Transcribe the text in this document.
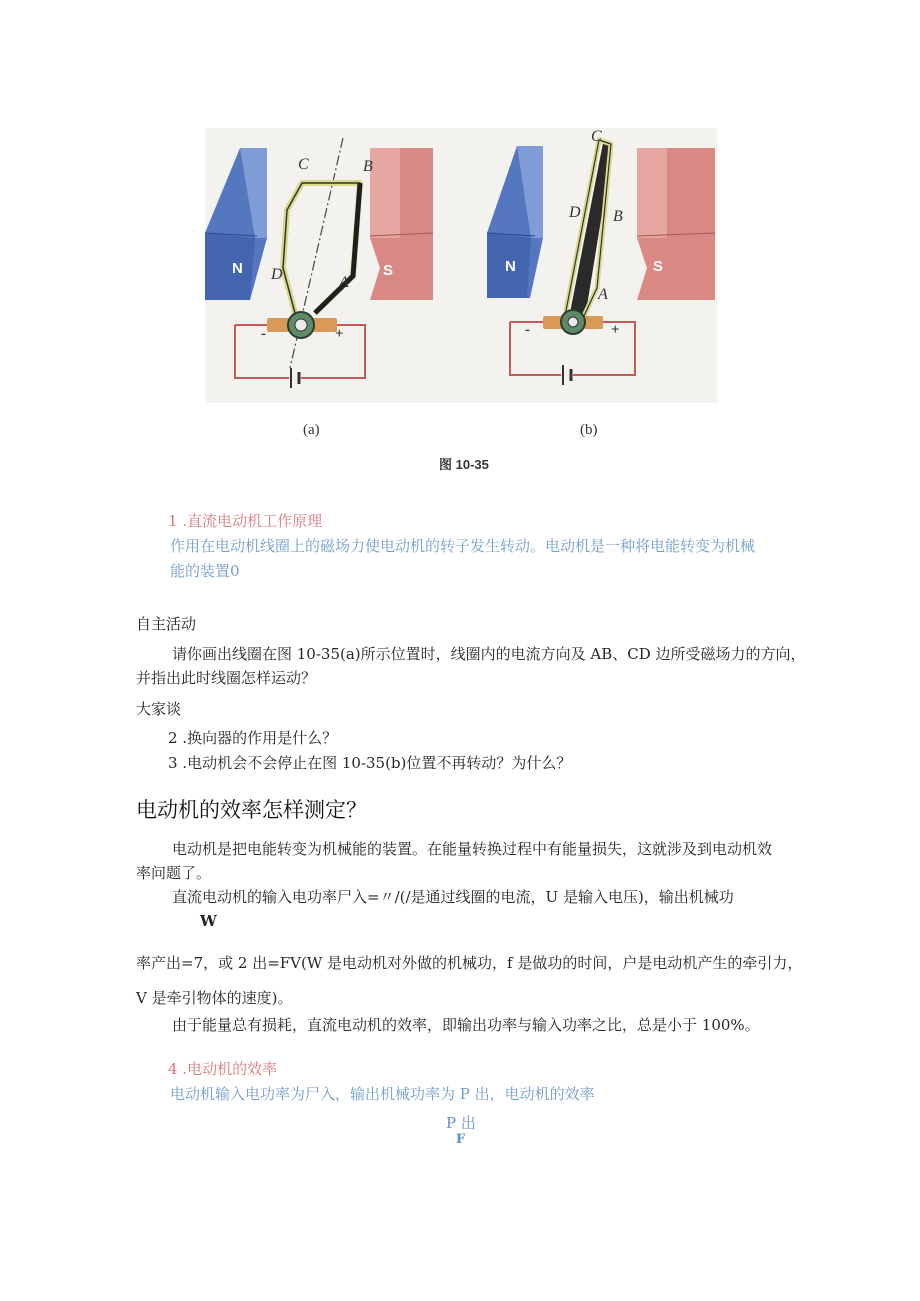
C	B
D	A
N	S
-	+
C
D B
A
N	S
-	+
(a)	(b)
图 10-35
1 .直流电动机工作原理
作用在电动机线圈上的磁场力使电动机的转子发生转动。电动机是一种将电能转变为机械
能的装置0
自主活动
请你画出线圈在图 10-35(a)所示位置时，线圈内的电流方向及 AB、CD 边所受磁场力的方向，
并指出此时线圈怎样运动？
大家谈
2 .换向器的作用是什么？
3 .电动机会不会停止在图 10-35(b)位置不再转动？为什么？
电动机的效率怎样测定？
电动机是把电能转变为机械能的装置。在能量转换过程中有能量损失，这就涉及到电动机效
率问题了。
直流电动机的输入电功率尸入=〃/(/是通过线圈的电流，U 是输入电压)，输出机械功
W
率产出=7，或 2 出=FV(W 是电动机对外做的机械功，f 是做功的时间，户是电动机产生的牵引力，
V 是牵引物体的速度)。
由于能量总有损耗，直流电动机的效率，即输出功率与输入功率之比，总是小于 100%。
4 .电动机的效率
电动机输入电功率为尸入，输出机械功率为 P 出，电动机的效率
P 出
F
